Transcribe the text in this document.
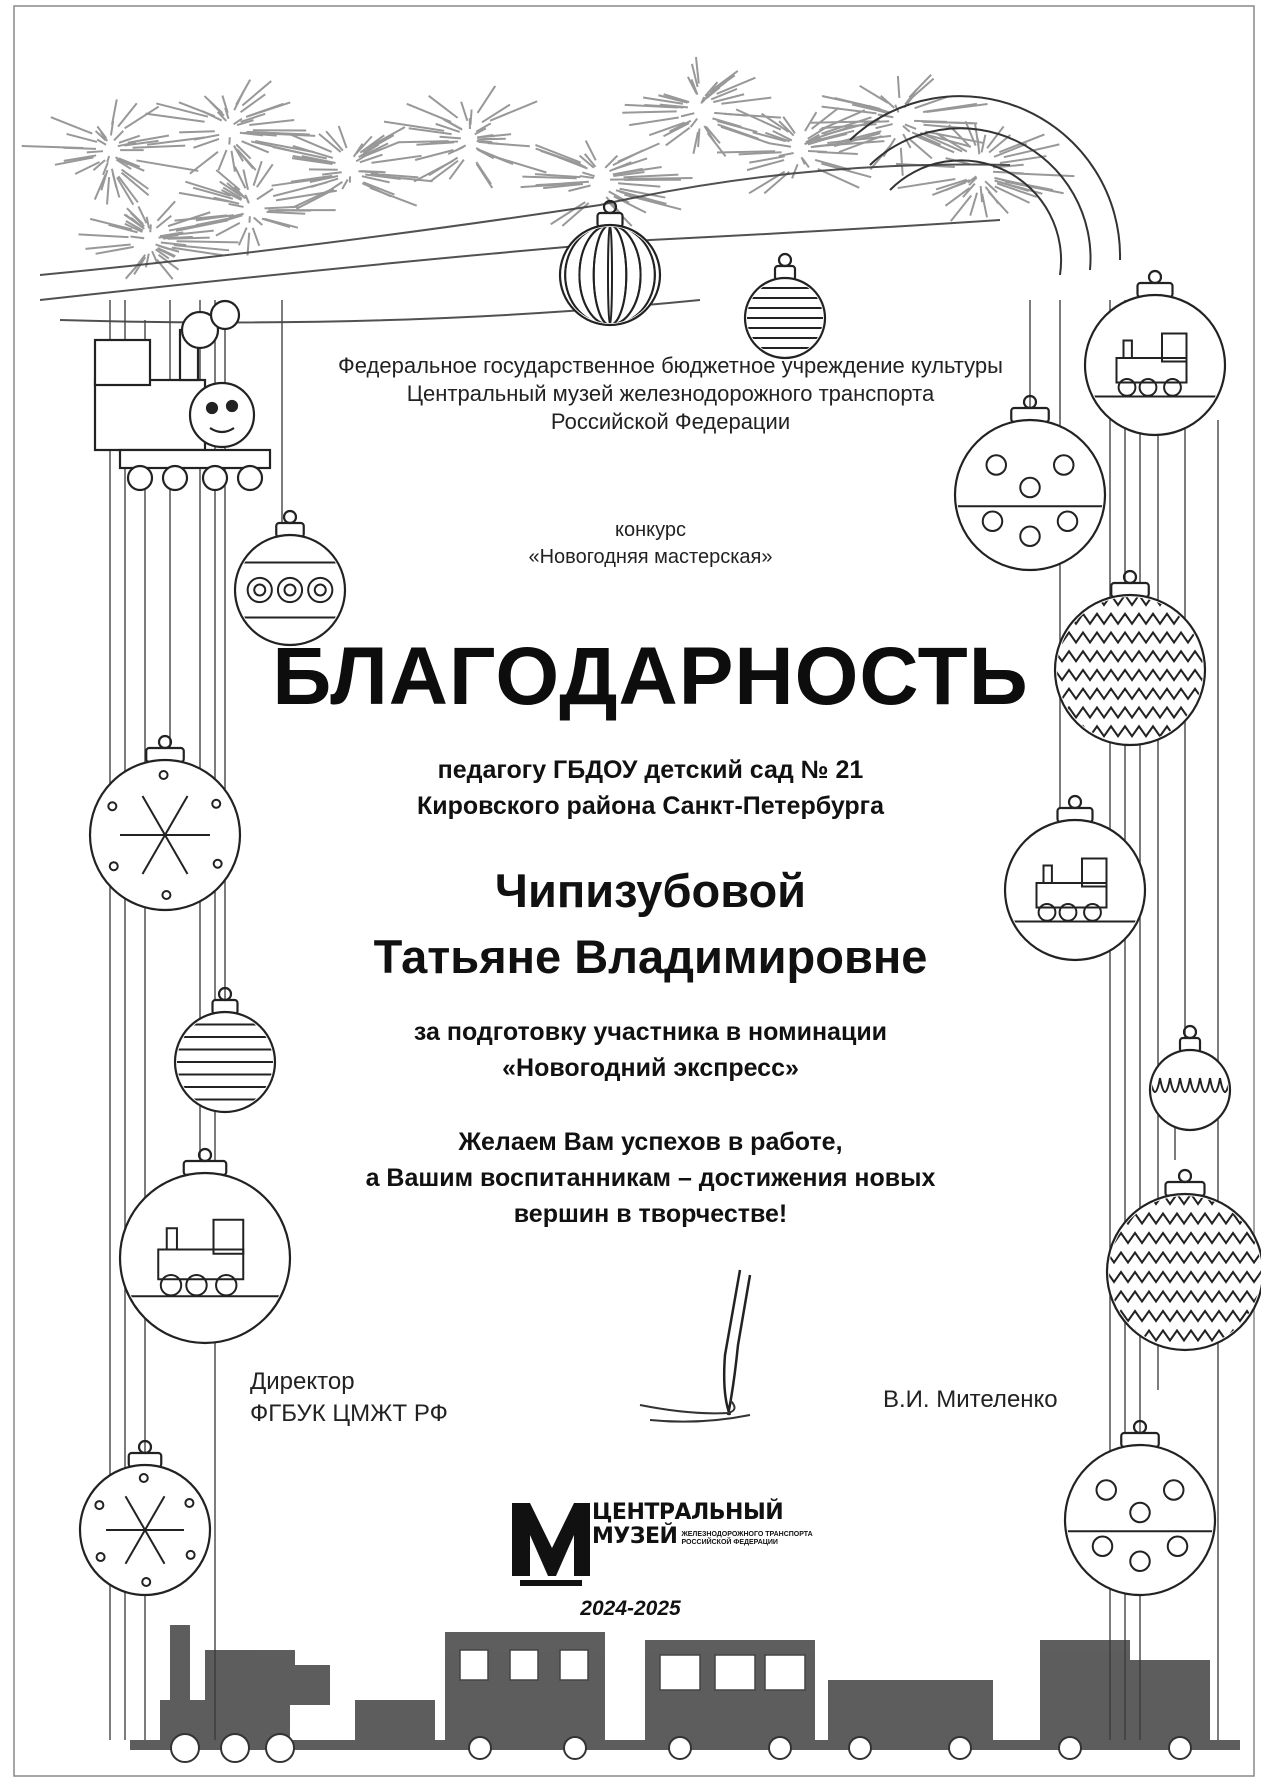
Федеральное государственное бюджетное учреждение культуры
Центральный музей железнодорожного транспорта
Российской Федерации
конкурс
«Новогодняя мастерская»
БЛАГОДАРНОСТЬ
педагогу ГБДОУ детский сад № 21
Кировского района Санкт-Петербурга
Чипизубовой
Татьяне Владимировне
за подготовку участника в номинации
«Новогодний экспресс»
Желаем Вам успехов в работе,
а Вашим воспитанникам – достижения новых
вершин в творчестве!
Директор
ФГБУК ЦМЖТ РФ
В.И. Мителенко
ЦЕНТРАЛЬНЫЙ
МУЗЕЙ ЖЕЛЕЗНОДОРОЖНОГО ТРАНСПОРТА
РОССИЙСКОЙ ФЕДЕРАЦИИ
2024-2025
